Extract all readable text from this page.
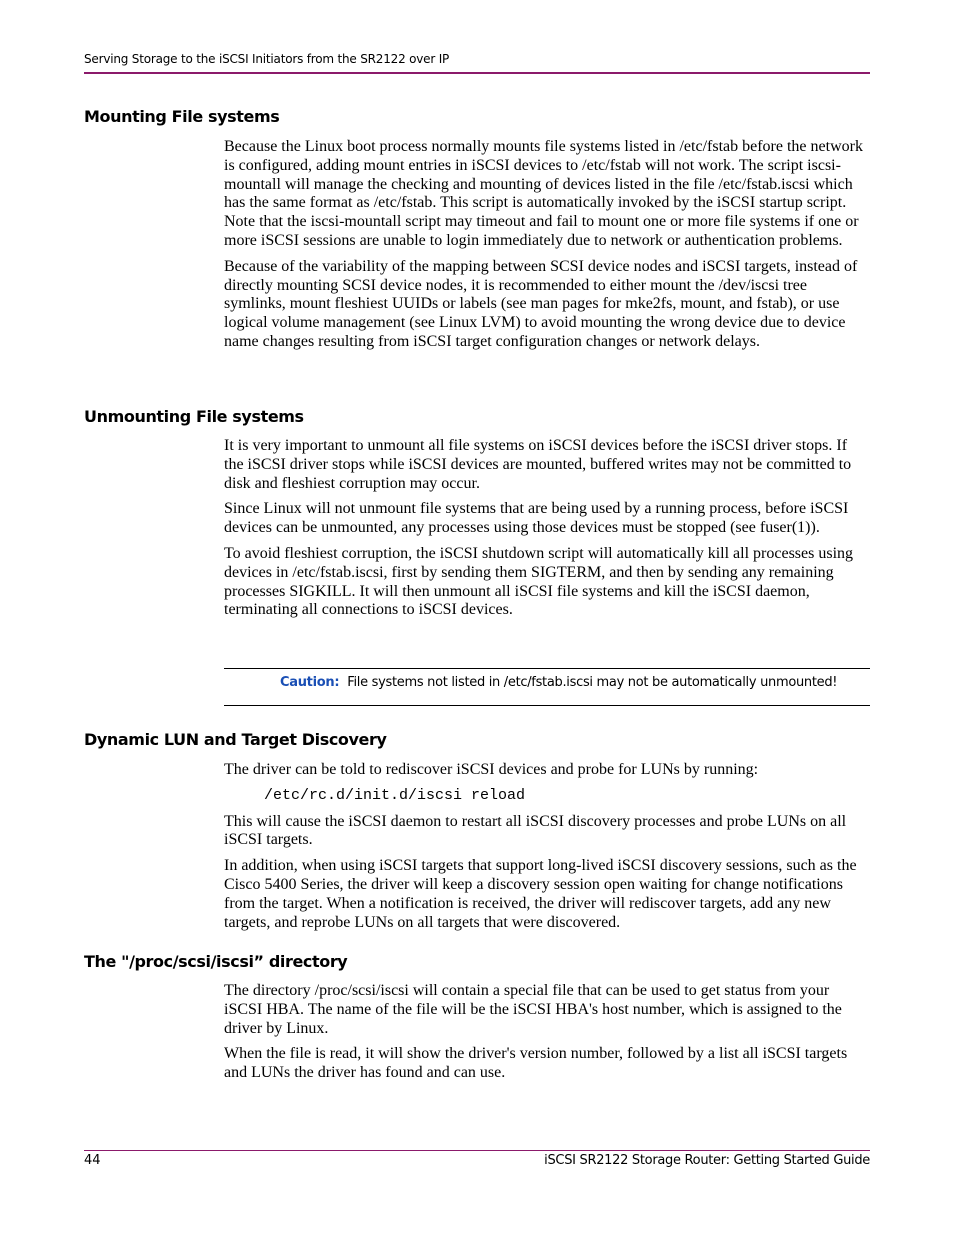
Serving Storage to the iSCSI Initiators from the SR2122 over IP
Mounting File systems

Because the Linux boot process normally mounts file systems listed in /etc/fstab before the network is configured, adding mount entries in iSCSI devices to /etc/fstab will not work. The script iscsi-mountall will manage the checking and mounting of devices listed in the file /etc/fstab.iscsi which has the same format as /etc/fstab. This script is automatically invoked by the iSCSI startup script. Note that the iscsi-mountall script may timeout and fail to mount one or more file systems if one or more iSCSI sessions are unable to login immediately due to network or authentication problems.

Because of the variability of the mapping between SCSI device nodes and iSCSI targets, instead of directly mounting SCSI device nodes, it is recommended to either mount the /dev/iscsi tree symlinks, mount fleshiest UUIDs or labels (see man pages for mke2fs, mount, and fstab), or use logical volume management (see Linux LVM) to avoid mounting the wrong device due to device name changes resulting from iSCSI target configuration changes or network delays.

Unmounting File systems

It is very important to unmount all file systems on iSCSI devices before the iSCSI driver stops. If the iSCSI driver stops while iSCSI devices are mounted, buffered writes may not be committed to disk and fleshiest corruption may occur.

Since Linux will not unmount file systems that are being used by a running process, before iSCSI devices can be unmounted, any processes using those devices must be stopped (see fuser(1)).

To avoid fleshiest corruption, the iSCSI shutdown script will automatically kill all processes using devices in /etc/fstab.iscsi, first by sending them SIGTERM, and then by sending any remaining processes SIGKILL. It will then unmount all iSCSI file systems and kill the iSCSI daemon, terminating all connections to iSCSI devices.

Caution: File systems not listed in /etc/fstab.iscsi may not be automatically unmounted!
Dynamic LUN and Target Discovery

The driver can be told to rediscover iSCSI devices and probe for LUNs by running:

/etc/rc.d/init.d/iscsi reload

This will cause the iSCSI daemon to restart all iSCSI discovery processes and probe LUNs on all iSCSI targets.

In addition, when using iSCSI targets that support long-lived iSCSI discovery sessions, such as the Cisco 5400 Series, the driver will keep a discovery session open waiting for change notifications from the target. When a notification is received, the driver will rediscover targets, add any new targets, and reprobe LUNs on all targets that were discovered.

The "/proc/scsi/iscsi” directory

The directory /proc/scsi/iscsi will contain a special file that can be used to get status from your iSCSI HBA. The name of the file will be the iSCSI HBA's host number, which is assigned to the driver by Linux.

When the file is read, it will show the driver's version number, followed by a list all iSCSI targets and LUNs the driver has found and can use.

44	iSCSI SR2122 Storage Router: Getting Started Guide
